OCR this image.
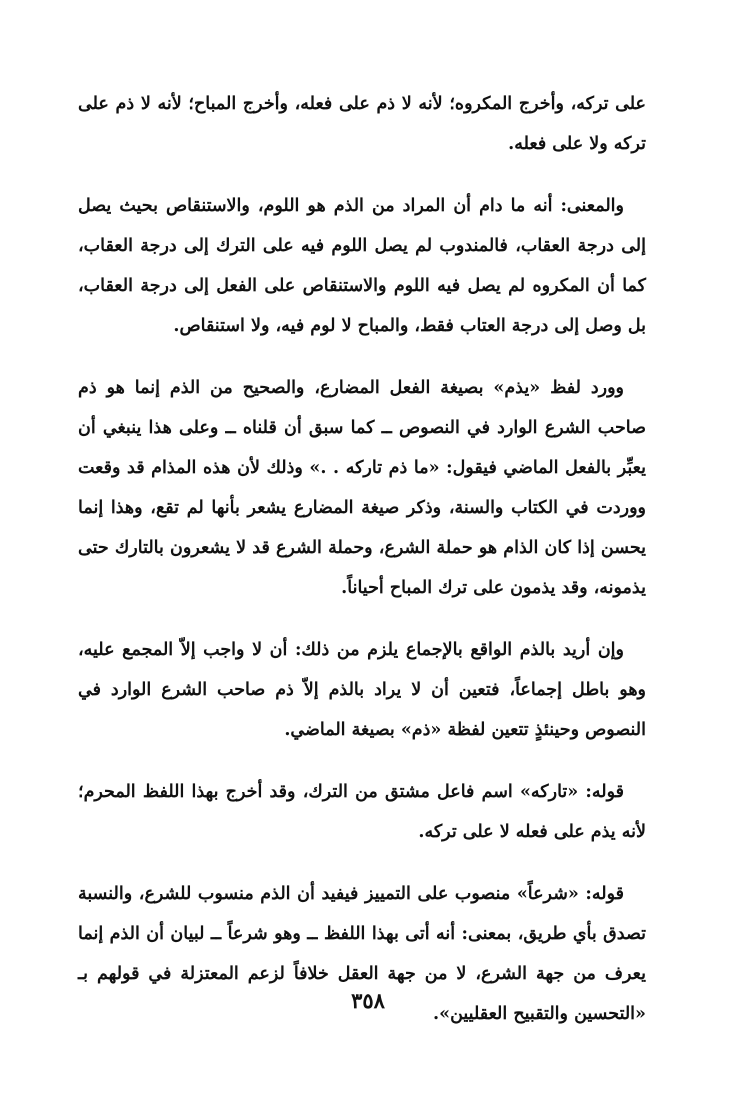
على تركه، وأخرج المكروه؛ لأنه لا ذم على فعله، وأخرج المباح؛ لأنه لا ذم على تركه ولا على فعله.

والمعنى: أنه ما دام أن المراد من الذم هو اللوم، والاستنقاص بحيث يصل إلى درجة العقاب، فالمندوب لم يصل اللوم فيه على الترك إلى درجة العقاب، كما أن المكروه لم يصل فيه اللوم والاستنقاص على الفعل إلى درجة العقاب، بل وصل إلى درجة العتاب فقط، والمباح لا لوم فيه، ولا استنقاص.

وورد لفظ «يذم» بصيغة الفعل المضارع، والصحيح من الذم إنما هو ذم صاحب الشرع الوارد في النصوص ــ كما سبق أن قلناه ــ وعلى هذا ينبغي أن يعبِّر بالفعل الماضي فيقول: «ما ذم تاركه . .» وذلك لأن هذه المذام قد وقعت ووردت في الكتاب والسنة، وذكر صيغة المضارع يشعر بأنها لم تقع، وهذا إنما يحسن إذا كان الذام هو حملة الشرع، وحملة الشرع قد لا يشعرون بالتارك حتى يذمونه، وقد يذمون على ترك المباح أحياناً.

وإن أريد بالذم الواقع بالإجماع يلزم من ذلك: أن لا واجب إلاّ المجمع عليه، وهو باطل إجماعاً، فتعين أن لا يراد بالذم إلاّ ذم صاحب الشرع الوارد في النصوص وحينئذٍ تتعين لفظة «ذم» بصيغة الماضي.

قوله: «تاركه» اسم فاعل مشتق من الترك، وقد أخرج بهذا اللفظ المحرم؛ لأنه يذم على فعله لا على تركه.

قوله: «شرعاً» منصوب على التمييز فيفيد أن الذم منسوب للشرع، والنسبة تصدق بأي طريق، بمعنى: أنه أتى بهذا اللفظ ــ وهو شرعاً ــ لبيان أن الذم إنما يعرف من جهة الشرع، لا من جهة العقل خلافاً لزعم المعتزلة في قولهم بـ «التحسين والتقبيح العقليين».

٣٥٨
